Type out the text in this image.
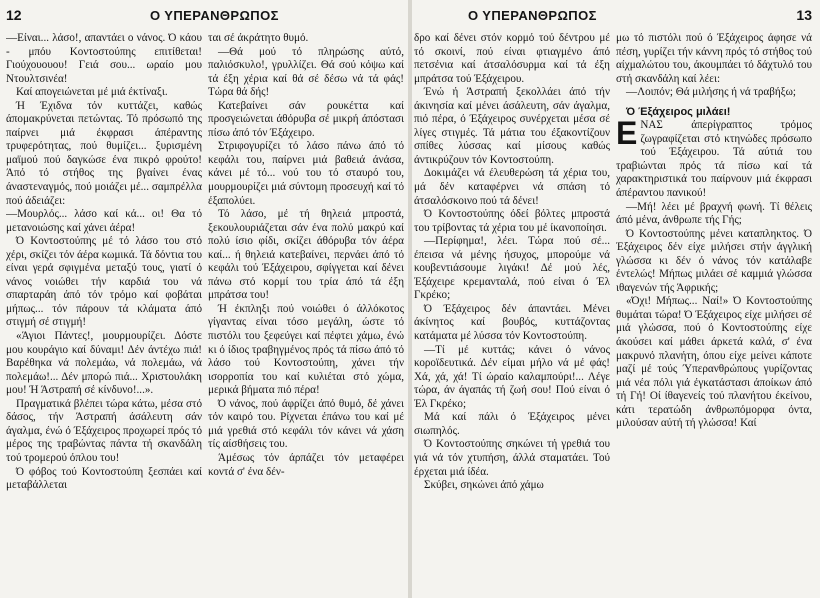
12	Ο ΥΠΕΡΑΝΘΡΩΠΟΣ

—Είναι... λάσο!, απαντάει ο νάνος. Ό κάου - μπόυ Κοντοστούπης επιτίθεται! Γιούχουουου! Γειά σου... ωραίο μου Ντουλτσινέα!

Καί απογειώνεται μέ μιά έκτίναξι.

Ή Έχιδνα τόν κυττάζει, καθώς άπομακρύνεται πετώντας. Τό πρόσωπό της παίρνει μιά έκφρασι άπέραντης τρυφερότητας, πού θυμίζει... ξυρισμένη μαϊμού πού δαγκώσε ένα πικρό φρούτο! Άπό τό στήθος της βγαίνει ένας άναστεναγμός, πού μοιάζει μέ... σαμπρέλλα πού άδειάζει:

—Μουρλός... λάσο καί κά... οι! Θα τό μετανοιώσης καί χάνει άέρα!

Ό Κοντοστούπης μέ τό λάσο του στό χέρι, σκίζει τόν άέρα κωμικά. Τά δόντια του είναι γερά σφιγμένα μεταξύ τους, γιατί ό νάνος νοιώθει τήν καρδιά του νά σπαρταράη άπό τόν τρόμο καί φοβάται μήπως... τόν πάρουν τά κλάματα άπό στιγμή σέ στιγμή!

«Άγιοι Πάντες!, μουρμουρίζει. Δόστε μου κουράγιο καί δύναμι! Δέν άντέχω πιά! Βαρέθηκα νά πολεμάω, νά πολεμάω, νά πολεμάω!... Δέν μπορώ πιά... Χριστουλάκη μου! Ή Άστραπή σέ κίνδυνο!...».

Πραγματικά βλέπει τώρα κάτω, μέσα στό δάσος, τήν Άστραπή άσάλευτη σάν άγαλμα, ένώ ό Έξάχειρος προχωρεί πρός τό μέρος της τραβώντας πάντα τή σκανδάλη τού τρομερού όπλου του!

Ό φόβος τού Κοντοστούπη ξεσπάει καί μεταβάλλεται

ται σέ άκράτητο θυμό.

—Θά μού τό πληρώσης αύτό, παλιόσκυλο!, γρυλλίζει. Θά σού κόψω καί τά έξη χέρια καί θά σέ δέσω νά τά φάς! Τώρα θά δής!

Κατεβαίνει σάν ρουκέττα καί προσγειώνεται άθόρυβα σέ μικρή άπόστασι πίσω άπό τόν Έξάχειρο.

Στριφογυρίζει τό λάσο πάνω άπό τό κεφάλι του, παίρνει μιά βαθειά άνάσα, κάνει μέ τό... νού του τό σταυρό του, μουρμουρίζει μιά σύντομη προσευχή καί τό έξαπολύει.

Τό λάσο, μέ τή θηλειά μπροστά, ξεκουλουριάζεται σάν ένα πολύ μακρύ καί πολύ ίσιο φίδι, σκίζει άθόρυβα τόν άέρα καί... ή θηλειά κατεβαίνει, περνάει άπό τό κεφάλι τού Έξάχειρου, σφίγγεται καί δένει πάνω στό κορμί του τρία άπό τά έξη μπράτσα του!

Ή έκπληξι πού νοιώθει ό άλλόκοτος γίγαντας είναι τόσο μεγάλη, ώστε τό πιστόλι του ξεφεύγει καί πέφτει χάμω, ένώ κι ό ίδιος τραβηγμένος πρός τά πίσω άπό τό λάσο τού Κοντοστούπη, χάνει τήν ισορροπία του καί κυλιέται στό χώμα, μερικά βήματα πιό πέρα!

Ό νάνος, πού άφρίζει άπό θυμό, δέ χάνει τόν καιρό του. Ρίχνεται έπάνω του καί μέ μιά γρεθιά στό κεφάλι τόν κάνει νά χάση τίς αίσθήσεις του.

Άμέσως τόν άρπάζει τόν μεταφέρει κοντά σ' ένα δέν-

Ο ΥΠΕΡΑΝΘΡΩΠΟΣ	13

δρο καί δένει στόν κορμό τού δέντρου μέ τό σκοινί, πού είναι φτιαγμένο άπό πετσένια καί άτσαλόσυρμα καί τά έξη μπράτσα τού Έξάχειρου.

Ένώ ή Άστραπή ξεκολλάει άπό τήν άκινησία καί μένει άσάλευτη, σάν άγαλμα, πιό πέρα, ό Έξάχειρος συνέρχεται μέσα σέ λίγες στιγμές. Τά μάτια του έξακοντίζουν σπίθες λύσσας καί μίσους καθώς άντικρύζουν τόν Κοντοστούπη.

Δοκιμάζει νά έλευθερώση τά χέρια του, μά δέν καταφέρνει νά σπάση τό άτσαλόσκοινο πού τά δένει!

Ό Κοντοστούπης όδεί βόλτες μπροστά του τρίβοντας τά χέρια του μέ ίκανοποίησι.

—Περίφημα!, λέει. Τώρα πού σέ... έπεισα νά μένης ήσυχος, μπορούμε νά κουβεντιάσουμε λιγάκι! Δέ μού λές, Έξάχειρε κρεμανταλά, πού είναι ό Έλ Γκρέκο;

Ό Έξάχειρος δέν άπαντάει. Μένει άκίνητος καί βουβός, κυττάζοντας κατάματα μέ λύσσα τόν Κοντοστούπη.

—Τί μέ κυττάς; κάνει ό νάνος κοροϊδευτικά. Δέν είμαι μήλο νά μέ φάς! Χά, χά, χά! Τί ώραίο καλαμπούρι!... Λέγε τώρα, άν άγαπάς τή ζωή σου! Πού είναι ό Έλ Γκρέκο;

Μά καί πάλι ό Έξάχειρος μένει σιωπηλός.

Ό Κοντοστούπης σηκώνει τή γρεθιά του γιά νά τόν χτυπήση, άλλά σταματάει. Τού έρχεται μιά ίδέα.

Σκύβει, σηκώνει άπό χάμω

μω τό πιστόλι πού ό Έξάχειρος άφησε νά πέση, γυρίζει τήν κάννη πρός τό στήθος τού αίχμαλώτου του, άκουμπάει τό δάχτυλό του στή σκανδάλη καί λέει:

—Λοιπόν; Θά μιλήσης ή νά τραβήξω;

Ό Έξάχειρος μιλάει!

ΕΝΑΣ άπερίγραπτος τρόμος ζωγραφίζεται στό κτηνώδες πρόσωπο τού Έξάχειρου. Τά αύτιά του τραβιώνται πρός τά πίσω καί τά χαρακτηριστικά του παίρνουν μιά έκφρασι άπέραντου πανικού!

—Μή! λέει μέ βραχνή φωνή. Τί θέλεις άπό μένα, άνθρωπε τής Γής;

Ό Κοντοστούπης μένει καταπληκτος. Ό Έξάχειρος δέν είχε μιλήσει στήν άγγλική γλώσσα κι δέν ό νάνος τόν κατάλαβε έντελώς! Μήπως μιλάει σέ καμμιά γλώσσα ιθαγενών τής Άφρικής;

«Όχι! Μήπως... Ναί!» Ό Κοντοστούπης θυμάται τώρα! Ό Έξάχειρος είχε μιλήσει σέ μιά γλώσσα, πού ό Κοντοστούπης είχε άκούσει καί μάθει άρκετά καλά, σ' ένα μακρυνό πλανήτη, όπου είχε μείνει κάποτε μαζί μέ τούς Ύπερανθρώπους γυρίζοντας μιά νέα πόλι γιά έγκατάστασι άποίκων άπό τή Γή! Οί ίθαγενείς τού πλανήτου έκείνου, κάτι τερατώδη άνθρωπόμορφα όντα, μιλούσαν αύτή τή γλώσσα! Καί
